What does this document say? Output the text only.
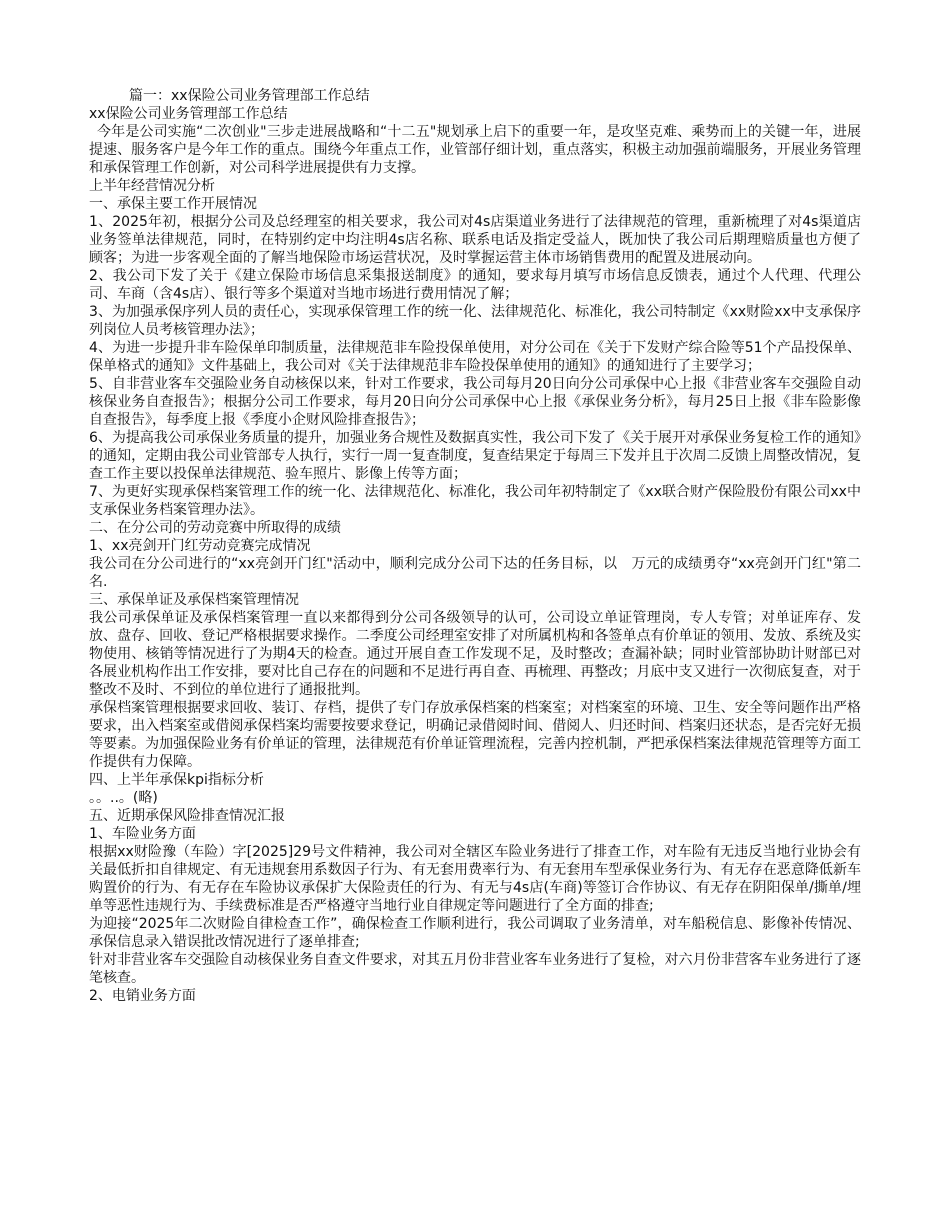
篇一：xx保险公司业务管理部工作总结

xx保险公司业务管理部工作总结

今年是公司实施“二次创业"三步走进展战略和“十二五"规划承上启下的重要一年，是攻坚克难、乘势而上的关键一年，进展提速、服务客户是今年工作的重点。围绕今年重点工作，业管部仔细计划，重点落实，积极主动加强前端服务，开展业务管理和承保管理工作创新，对公司科学进展提供有力支撑。

上半年经营情况分析

一、承保主要工作开展情况

1、2025年初，根据分公司及总经理室的相关要求，我公司对4s店渠道业务进行了法律规范的管理，重新梳理了对4s渠道店业务签单法律规范，同时，在特别约定中均注明4s店名称、联系电话及指定受益人，既加快了我公司后期理赔质量也方便了顾客；为进一步客观全面的了解当地保险市场运营状况，及时掌握运营主体市场销售费用的配置及进展动向。

2、我公司下发了关于《建立保险市场信息采集报送制度》的通知，要求每月填写市场信息反馈表，通过个人代理、代理公司、车商（含4s店）、银行等多个渠道对当地市场进行费用情况了解；

3、为加强承保序列人员的责任心，实现承保管理工作的统一化、法律规范化、标准化，我公司特制定《xx财险xx中支承保序列岗位人员考核管理办法》；

4、为进一步提升非车险保单印制质量，法律规范非车险投保单使用，对分公司在《关于下发财产综合险等51个产品投保单、保单格式的通知》文件基础上，我公司对《关于法律规范非车险投保单使用的通知》的通知进行了主要学习；

5、自非营业客车交强险业务自动核保以来，针对工作要求，我公司每月20日向分公司承保中心上报《非营业客车交强险自动核保业务自查报告》；根据分公司工作要求，每月20日向分公司承保中心上报《承保业务分析》，每月25日上报《非车险影像自查报告》，每季度上报《季度小企财风险排查报告》；

6、为提高我公司承保业务质量的提升，加强业务合规性及数据真实性，我公司下发了《关于展开对承保业务复检工作的通知》的通知，定期由我公司业管部专人执行，实行一周一复查制度，复查结果定于每周三下发并且于次周二反馈上周整改情况，复查工作主要以投保单法律规范、验车照片、影像上传等方面；

7、为更好实现承保档案管理工作的统一化、法律规范化、标准化，我公司年初特制定了《xx联合财产保险股份有限公司xx中支承保业务档案管理办法》。

二、在分公司的劳动竞赛中所取得的成绩

1、xx亮剑开门红劳动竞赛完成情况

我公司在分公司进行的“xx亮剑开门红"活动中，顺利完成分公司下达的任务目标，以　万元的成绩勇夺“xx亮剑开门红"第二名.

三、承保单证及承保档案管理情况

我公司承保单证及承保档案管理一直以来都得到分公司各级领导的认可，公司设立单证管理岗，专人专管；对单证库存、发放、盘存、回收、登记严格根据要求操作。二季度公司经理室安排了对所属机构和各签单点有价单证的领用、发放、系统及实物使用、核销等情况进行了为期4天的检查。通过开展自查工作发现不足，及时整改；查漏补缺；同时业管部协助计财部已对各展业机构作出工作安排，要对比自己存在的问题和不足进行再自查、再梳理、再整改；月底中支又进行一次彻底复查，对于整改不及时、不到位的单位进行了通报批判。

承保档案管理根据要求回收、装订、存档，提供了专门存放承保档案的档案室；对档案室的环境、卫生、安全等问题作出严格要求，出入档案室或借阅承保档案均需要按要求登记，明确记录借阅时间、借阅人、归还时间、档案归还状态，是否完好无损等要素。为加强保险业务有价单证的管理，法律规范有价单证管理流程，完善内控机制，严把承保档案法律规范管理等方面工作提供有力保障。

四、上半年承保kpi指标分析

。。..。(略)

五、近期承保风险排查情况汇报

1、车险业务方面

根据xx财险豫（车险）字[2025]29号文件精神，我公司对全辖区车险业务进行了排查工作，对车险有无违反当地行业协会有关最低折扣自律规定、有无违规套用系数因子行为、有无套用费率行为、有无套用车型承保业务行为、有无存在恶意降低新车购置价的行为、有无存在车险协议承保扩大保险责任的行为、有无与4s店(车商)等签订合作协议、有无存在阴阳保单/撕单/埋单等恶性违规行为、手续费标准是否严格遵守当地行业自律规定等问题进行了全方面的排查;

为迎接“2025年二次财险自律检查工作”，确保检查工作顺利进行，我公司调取了业务清单，对车船税信息、影像补传情况、承保信息录入错误批改情况进行了逐单排查;

针对非营业客车交强险自动核保业务自查文件要求，对其五月份非营业客车业务进行了复检，对六月份非营客车业务进行了逐笔核查。

2、电销业务方面
